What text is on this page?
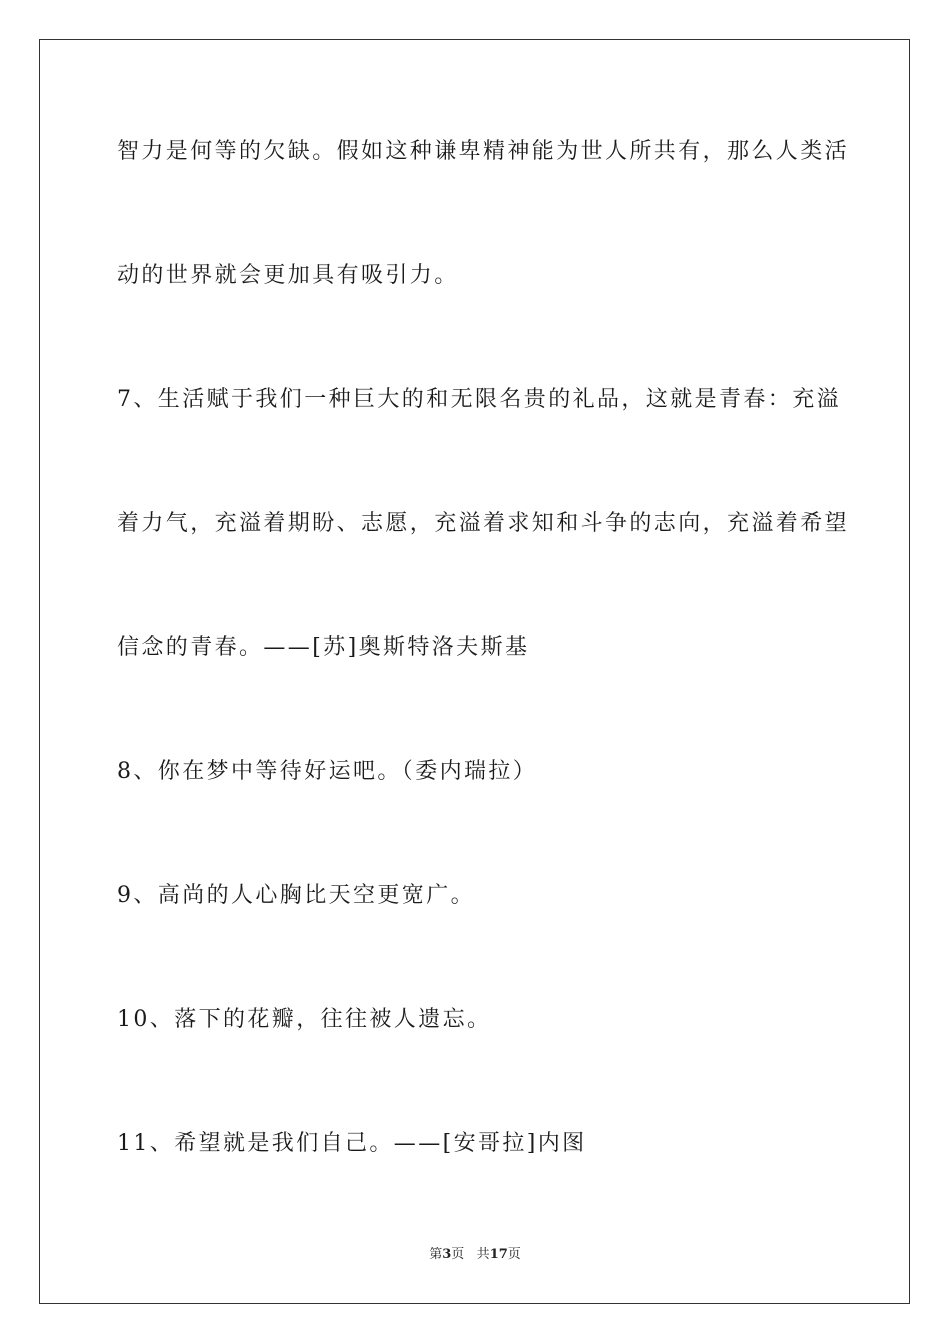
智力是何等的欠缺。假如这种谦卑精神能为世人所共有，那么人类活
动的世界就会更加具有吸引力。
7、生活赋于我们一种巨大的和无限名贵的礼品，这就是青春：充溢
着力气，充溢着期盼、志愿，充溢着求知和斗争的志向，充溢着希望
信念的青春。——[苏]奥斯特洛夫斯基
8、你在梦中等待好运吧。（委内瑞拉）
9、高尚的人心胸比天空更宽广。
10、落下的花瓣，往往被人遗忘。
11、希望就是我们自己。——[安哥拉]内图
第3页 共17页
